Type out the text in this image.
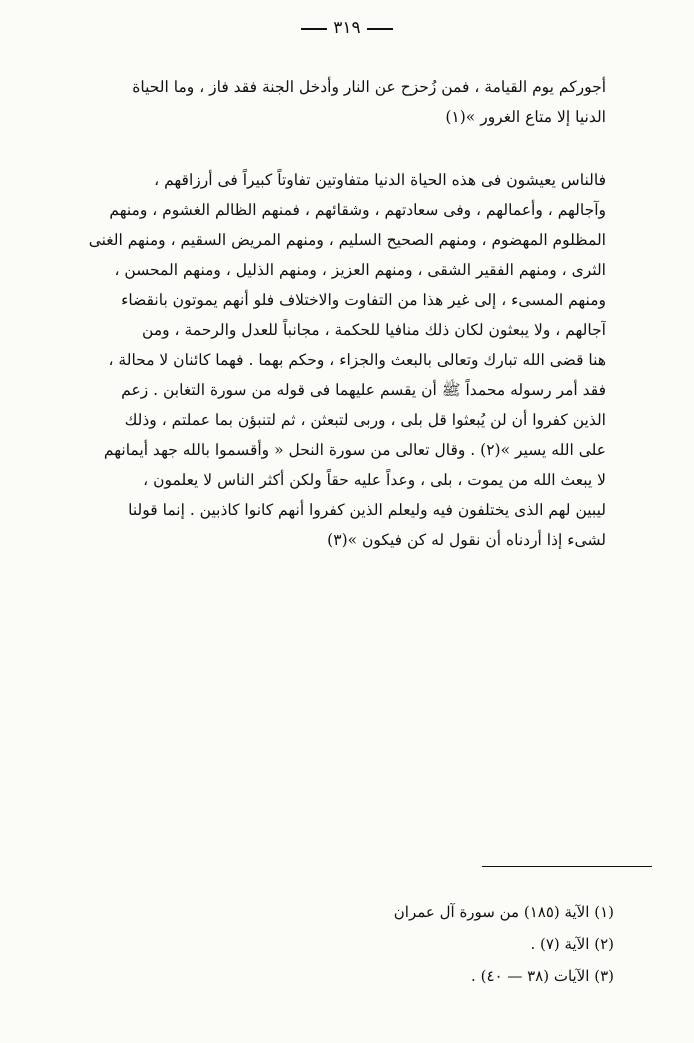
٣١٩
أجوركم يوم القيامة ، فمن زُحزح عن النار وأدخل الجنة فقد فاز ، وما الحياة
الدنيا إلا متاع الغرور »(١)
فالناس يعيشون فى هذه الحياة الدنيا متفاوتين تفاوتاً كبيراً فى أرزاقهم ،
وآجالهم ، وأعمالهم ، وفى سعادتهم ، وشقائهم ، فمنهم الظالم الغشوم ، ومنهم
المظلوم المهضوم ، ومنهم الصحيح السليم ، ومنهم المريض السقيم ، ومنهم الغنى
الثرى ، ومنهم الفقير الشقى ، ومنهم العزيز ، ومنهم الذليل ، ومنهم المحسن ،
ومنهم المسىء ، إلى غير هذا من التفاوت والاختلاف فلو أنهم يموتون بانقضاء
آجالهم ، ولا يبعثون لكان ذلك منافيا للحكمة ، مجانباً للعدل والرحمة ، ومن
هنا قضى الله تبارك وتعالى بالبعث والجزاء ، وحكم بهما . فهما كائنان لا محالة ،
فقد أمر رسوله محمداً ﷺ أن يقسم عليهما فى قوله من سورة التغابن . زعم
الذين كفروا أن لن يُبعثوا قل بلى ، وربى لتبعثن ، ثم لتنبؤن بما عملتم ، وذلك
على الله يسير »(٢) . وقال تعالى من سورة النحل « وأقسموا بالله جهد أيمانهم
لا يبعث الله من يموت ، بلى ، وعداً عليه حقاً ولكن أكثر الناس لا يعلمون ،
ليبين لهم الذى يختلفون فيه وليعلم الذين كفروا أنهم كانوا كاذبين . إنما قولنا
لشىء إذا أردناه أن نقول له كن فيكون »(٣)
(١) الآية (١٨٥) من سورة آل عمران
(٢) الآية (٧) .
(٣) الآيات (٣٨ — ٤٠) .
